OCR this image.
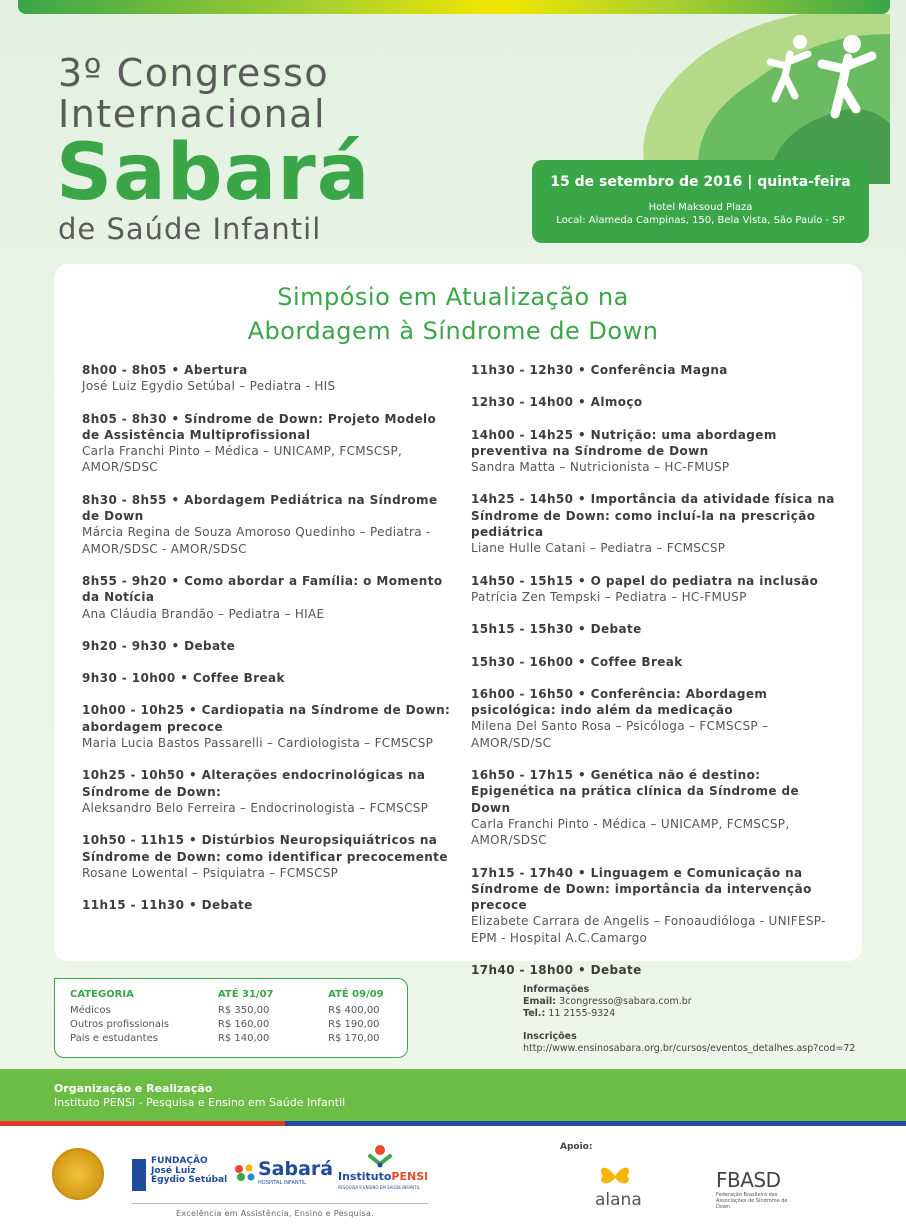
3º Congresso
Internacional
Sabará
de Saúde Infantil
15 de setembro de 2016 | quinta-feira
Hotel Maksoud Plaza
Local: Alameda Campinas, 150, Bela Vista, São Paulo - SP
Simpósio em Atualização na
Abordagem à Síndrome de Down
8h00 - 8h05 • Abertura
José Luiz Egydio Setúbal – Pediatra - HIS
8h05 - 8h30 • Síndrome de Down: Projeto Modelo de Assistência Multiprofissional
Carla Franchi Pinto – Médica – UNICAMP, FCMSCSP, AMOR/SDSC
8h30 - 8h55 • Abordagem Pediátrica na Síndrome de Down
Márcia Regina de Souza Amoroso Quedinho – Pediatra - AMOR/SDSC - AMOR/SDSC
8h55 - 9h20 • Como abordar a Família: o Momento da Notícia
Ana Cláudia Brandão – Pediatra – HIAE
9h20 - 9h30 • Debate
9h30 - 10h00 • Coffee Break
10h00 - 10h25 • Cardiopatia na Síndrome de Down: abordagem precoce
Maria Lucia Bastos Passarelli – Cardiologista – FCMSCSP
10h25 - 10h50 • Alterações endocrinológicas na Síndrome de Down:
Aleksandro Belo Ferreira – Endocrinologista – FCMSCSP
10h50 - 11h15 • Distúrbios Neuropsiquiátricos na Síndrome de Down: como identificar precocemente
Rosane Lowental – Psiquiatra – FCMSCSP
11h15 - 11h30 • Debate
11h30 - 12h30 • Conferência Magna
12h30 - 14h00 • Almoço
14h00 - 14h25 • Nutrição: uma abordagem preventiva na Síndrome de Down
Sandra Matta – Nutricionista – HC-FMUSP
14h25 - 14h50 • Importância da atividade física na Síndrome de Down: como incluí-la na prescrição pediátrica
Liane Hulle Catani – Pediatra – FCMSCSP
14h50 - 15h15 • O papel do pediatra na inclusão
Patrícia Zen Tempski – Pediatra – HC-FMUSP
15h15 - 15h30 • Debate
15h30 - 16h00 • Coffee Break
16h00 - 16h50 • Conferência: Abordagem psicológica: indo além da medicação
Milena Del Santo Rosa – Psicóloga – FCMSCSP – AMOR/SD/SC
16h50 - 17h15 • Genética não é destino: Epigenética na prática clínica da Síndrome de Down
Carla Franchi Pinto - Médica – UNICAMP, FCMSCSP, AMOR/SDSC
17h15 - 17h40 • Linguagem e Comunicação na Síndrome de Down: importância da intervenção precoce
Elizabete Carrara de Angelis – Fonoaudióloga - UNIFESP-EPM - Hospital A.C.Camargo
17h40 - 18h00 • Debate
CATEGORIA	ATÉ 31/07	ATÉ 09/09
Médicos	R$ 350,00	R$ 400,00
Outros profissionais	R$ 160,00	R$ 190,00
Pais e estudantes	R$ 140,00	R$ 170,00
Informações
Email: 3congresso@sabara.com.br
Tel.: 11 2155-9324
Inscrições
http://www.ensinosabara.org.br/cursos/eventos_detalhes.asp?cod=72
Organização e Realização
Instituto PENSI - Pesquisa e Ensino em Saúde Infantil
FUNDAÇÃO
José Luiz
Egydio Setúbal Sabará
HOSPITAL INFANTIL	InstitutoPENSI
PESQUISA E ENSINO EM SAÚDE INFANTIL
Excelência em Assistência, Ensino e Pesquisa.
Apoio:
alana
FBASD
Federação Brasileira das Associações de Síndrome de Down
